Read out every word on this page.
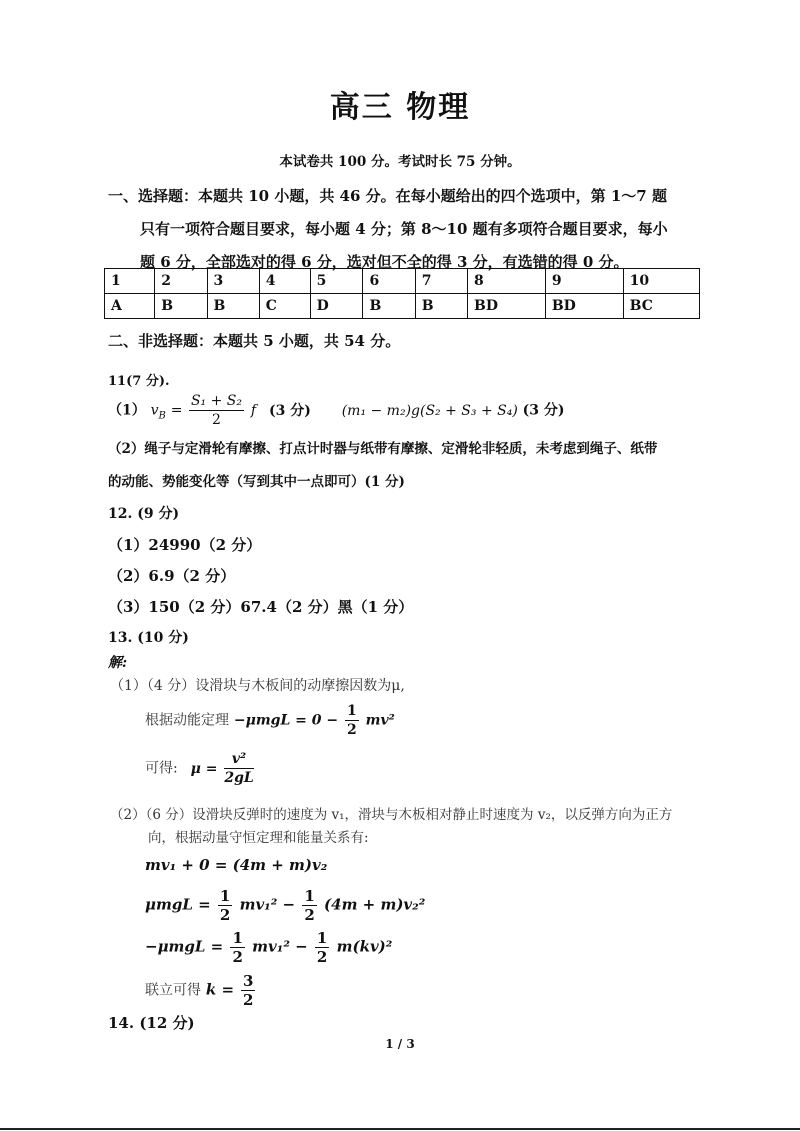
高三 物理
本试卷共 100 分。考试时长 75 分钟。
一、选择题：本题共 10 小题，共 46 分。在每小题给出的四个选项中，第 1～7 题
只有一项符合题目要求，每小题 4 分；第 8～10 题有多项符合题目要求，每小
题 6 分，全部选对的得 6 分，选对但不全的得 3 分，有选错的得 0 分。
1	2	3	4	5	6	7	8	9	10
A	B	B	C	D	B	B	BD	BD	BC
二、非选择题：本题共 5 小题，共 54 分。
11(7 分).
（1） $v_B = \frac{\text{S₁ + S₂}}{2}$ f (3 分) (m₁ − m₂)g(S₂ + S₃ + S₄) (3 分)
（2）绳子与定滑轮有摩擦、打点计时器与纸带有摩擦、定滑轮非轻质，未考虑到绳子、纸带
的动能、势能变化等（写到其中一点即可）(1 分)
12. (9 分)
（1）24990（2 分）
（2）6.9（2 分）
（3）150（2 分）67.4（2 分）黑（1 分）
13. (10 分)
解:
（1）（4 分）设滑块与木板间的动摩擦因数为μ,
根据动能定理 $-\mu mgL = 0 - \frac{1}{2} mv^2$
可得: $\mu = \frac{\text{v²}}{2gL}$
（2）（6 分）设滑块反弹时的速度为 v₁，滑块与木板相对静止时速度为 v₂，以反弹方向为正方
向，根据动量守恒定理和能量关系有:
mv₁ + 0 = (4m + m)v₂
$\mu mgL = \frac{1}{2} mv_1^2 - \frac{1}{2} (4m + m)v_2^2$
$-\mu mgL = \frac{1}{2} mv_1^2 - \frac{1}{2} m(kv)^2$
联立可得 $k = \frac{3}{2}$
14. (12 分)
1 / 3
